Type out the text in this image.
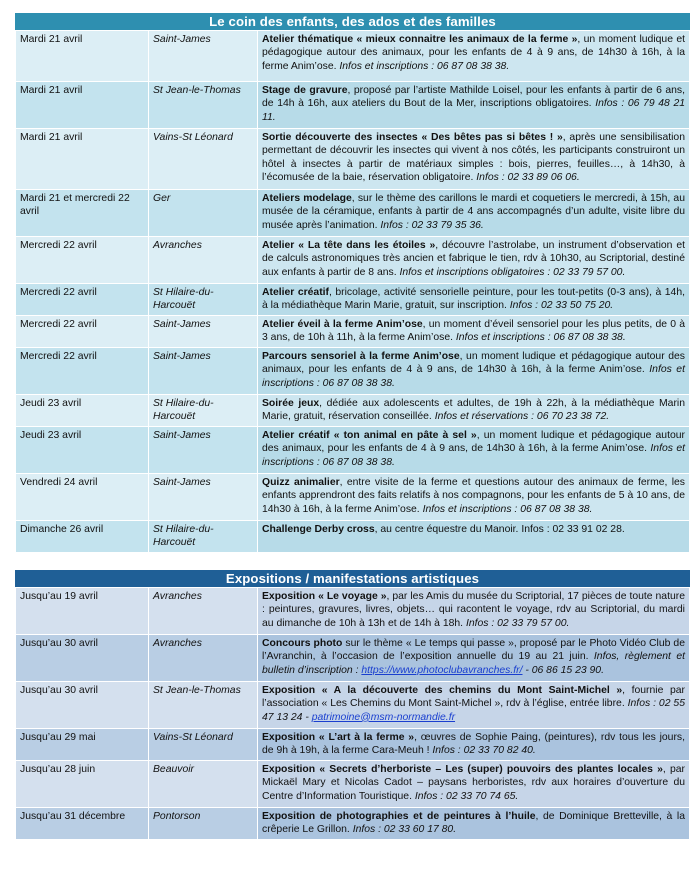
Le coin des enfants, des ados et des familles
Mardi 21 avril	Saint-James	Atelier thématique « mieux connaitre les animaux de la ferme », un moment ludique et pédagogique autour des animaux, pour les enfants de 4 à 9 ans, de 14h30 à 16h, à la ferme Anim’ose. Infos et inscriptions : 06 87 08 38 38.
Mardi 21 avril	St Jean-le-Thomas	Stage de gravure, proposé par l’artiste Mathilde Loisel, pour les enfants à partir de 6 ans, de 14h à 16h, aux ateliers du Bout de la Mer, inscriptions obligatoires. Infos : 06 79 48 21 11.
Mardi 21 avril	Vains-St Léonard	Sortie découverte des insectes « Des bêtes pas si bêtes ! », après une sensibilisation permettant de découvrir les insectes qui vivent à nos côtés, les participants construiront un hôtel à insectes à partir de matériaux simples : bois, pierres, feuilles…, à 14h30, à l’écomusée de la baie, réservation obligatoire. Infos : 02 33 89 06 06.
Mardi 21 et mercredi 22 avril	Ger	Ateliers modelage, sur le thème des carillons le mardi et coquetiers le mercredi, à 15h, au musée de la céramique, enfants à partir de 4 ans accompagnés d’un adulte, visite libre du musée après l’animation. Infos : 02 33 79 35 36.
Mercredi 22 avril	Avranches	Atelier « La tête dans les étoiles », découvre l’astrolabe, un instrument d’observation et de calculs astronomiques très ancien et fabrique le tien, rdv à 10h30, au Scriptorial, destiné aux enfants à partir de 8 ans. Infos et inscriptions obligatoires : 02 33 79 57 00.
Mercredi 22 avril	St Hilaire-du-Harcouët	Atelier créatif, bricolage, activité sensorielle peinture, pour les tout-petits (0-3 ans), à 14h, à la médiathèque Marin Marie, gratuit, sur inscription. Infos : 02 33 50 75 20.
Mercredi 22 avril	Saint-James	Atelier éveil à la ferme Anim’ose, un moment d’éveil sensoriel pour les plus petits, de 0 à 3 ans, de 10h à 11h, à la ferme Anim’ose. Infos et inscriptions : 06 87 08 38 38.
Mercredi 22 avril	Saint-James	Parcours sensoriel à la ferme Anim’ose, un moment ludique et pédagogique autour des animaux, pour les enfants de 4 à 9 ans, de 14h30 à 16h, à la ferme Anim’ose. Infos et inscriptions : 06 87 08 38 38.
Jeudi 23 avril	St Hilaire-du-Harcouët	Soirée jeux, dédiée aux adolescents et adultes, de 19h à 22h, à la médiathèque Marin Marie, gratuit, réservation conseillée. Infos et réservations : 06 70 23 38 72.
Jeudi 23 avril	Saint-James	Atelier créatif « ton animal en pâte à sel », un moment ludique et pédagogique autour des animaux, pour les enfants de 4 à 9 ans, de 14h30 à 16h, à la ferme Anim’ose. Infos et inscriptions : 06 87 08 38 38.
Vendredi 24 avril	Saint-James	Quizz animalier, entre visite de la ferme et questions autour des animaux de ferme, les enfants apprendront des faits relatifs à nos compagnons, pour les enfants de 5 à 10 ans, de 14h30 à 16h, à la ferme Anim’ose. Infos et inscriptions : 06 87 08 38 38.
Dimanche 26 avril	St Hilaire-du-Harcouët	Challenge Derby cross, au centre équestre du Manoir. Infos : 02 33 91 02 28.
Expositions / manifestations artistiques
Jusqu’au 19 avril	Avranches	Exposition « Le voyage », par les Amis du musée du Scriptorial, 17 pièces de toute nature : peintures, gravures, livres, objets… qui racontent le voyage, rdv au Scriptorial, du mardi au dimanche de 10h à 13h et de 14h à 18h. Infos : 02 33 79 57 00.
Jusqu’au 30 avril	Avranches	Concours photo sur le thème « Le temps qui passe », proposé par le Photo Vidéo Club de l’Avranchin, à l’occasion de l’exposition annuelle du 19 au 21 juin. Infos, règlement et bulletin d’inscription : https://www.photoclubavranches.fr/ - 06 86 15 23 90.
Jusqu’au 30 avril	St Jean-le-Thomas	Exposition « A la découverte des chemins du Mont Saint-Michel », fournie par l’association « Les Chemins du Mont Saint-Michel », rdv à l’église, entrée libre. Infos : 02 55 47 13 24 - patrimoine@msm-normandie.fr
Jusqu’au 29 mai	Vains-St Léonard	Exposition « L’art à la ferme », œuvres de Sophie Paing, (peintures), rdv tous les jours, de 9h à 19h, à la ferme Cara-Meuh ! Infos : 02 33 70 82 40.
Jusqu’au 28 juin	Beauvoir	Exposition « Secrets d’herboriste – Les (super) pouvoirs des plantes locales », par Mickaël Mary et Nicolas Cadot – paysans herboristes, rdv aux horaires d’ouverture du Centre d’Information Touristique. Infos : 02 33 70 74 65.
Jusqu’au 31 décembre	Pontorson	Exposition de photographies et de peintures à l’huile, de Dominique Bretteville, à la crêperie Le Grillon. Infos : 02 33 60 17 80.
